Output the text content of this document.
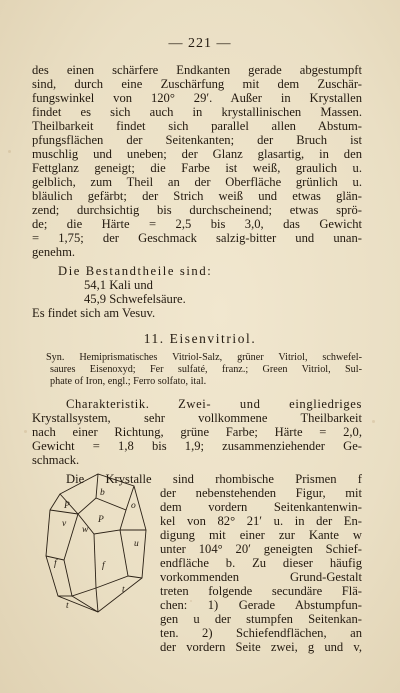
— 221 —
des einen schärfere Endkanten gerade abgestumpft
sind, durch eine Zuschärfung mit dem Zuschär-
fungswinkel von 120° 29′. Außer in Krystallen
findet es sich auch in krystallinischen Massen.
Theilbarkeit findet sich parallel allen Abstum-
pfungsflächen der Seitenkanten; der Bruch ist
muschlig und uneben; der Glanz glasartig, in den
Fettglanz geneigt; die Farbe ist weiß, graulich u.
gelblich, zum Theil an der Oberfläche grünlich u.
bläulich gefärbt; der Strich weiß und etwas glän-
zend; durchsichtig bis durchscheinend; etwas sprö-
de; die Härte = 2,5 bis 3,0, das Gewicht
= 1,75; der Geschmack salzig-bitter und unan-
genehm.
Die Bestandtheile sind:
54,1 Kali und
45,9 Schwefelsäure.
Es findet sich am Vesuv.
11. Eisenvitriol.
Syn. Hemiprismatisches Vitriol-Salz, grüner Vitriol, schwefel-
saures Eisenoxyd; Fer sulfaté, franz.; Green Vitriol, Sul-
phate of Iron, engl.; Ferro solfato, ital.
Charakteristik. Zwei- und eingliedriges
Krystallsystem, sehr vollkommene Theilbarkeit
nach einer Richtung, grüne Farbe; Härte = 2,0,
Gewicht = 1,8 bis 1,9; zusammenziehender Ge-
schmack.
Die Krystalle sind rhombische Prismen f
der nebenstehenden Figur, mit
dem vordern Seitenkantenwin-
kel von 82° 21′ u. in der En-
digung mit einer zur Kante w
unter 104° 20′ geneigten Schief-
endfläche b. Zu dieser häufig
vorkommenden Grund-Gestalt
treten folgende secundäre Flä-
chen: 1) Gerade Abstumpfun-
gen u der stumpfen Seitenkan-
ten. 2) Schiefendflächen, an
der vordern Seite zwei, g und v,
b
P
o
v
w
P
u
f	f
t
t
